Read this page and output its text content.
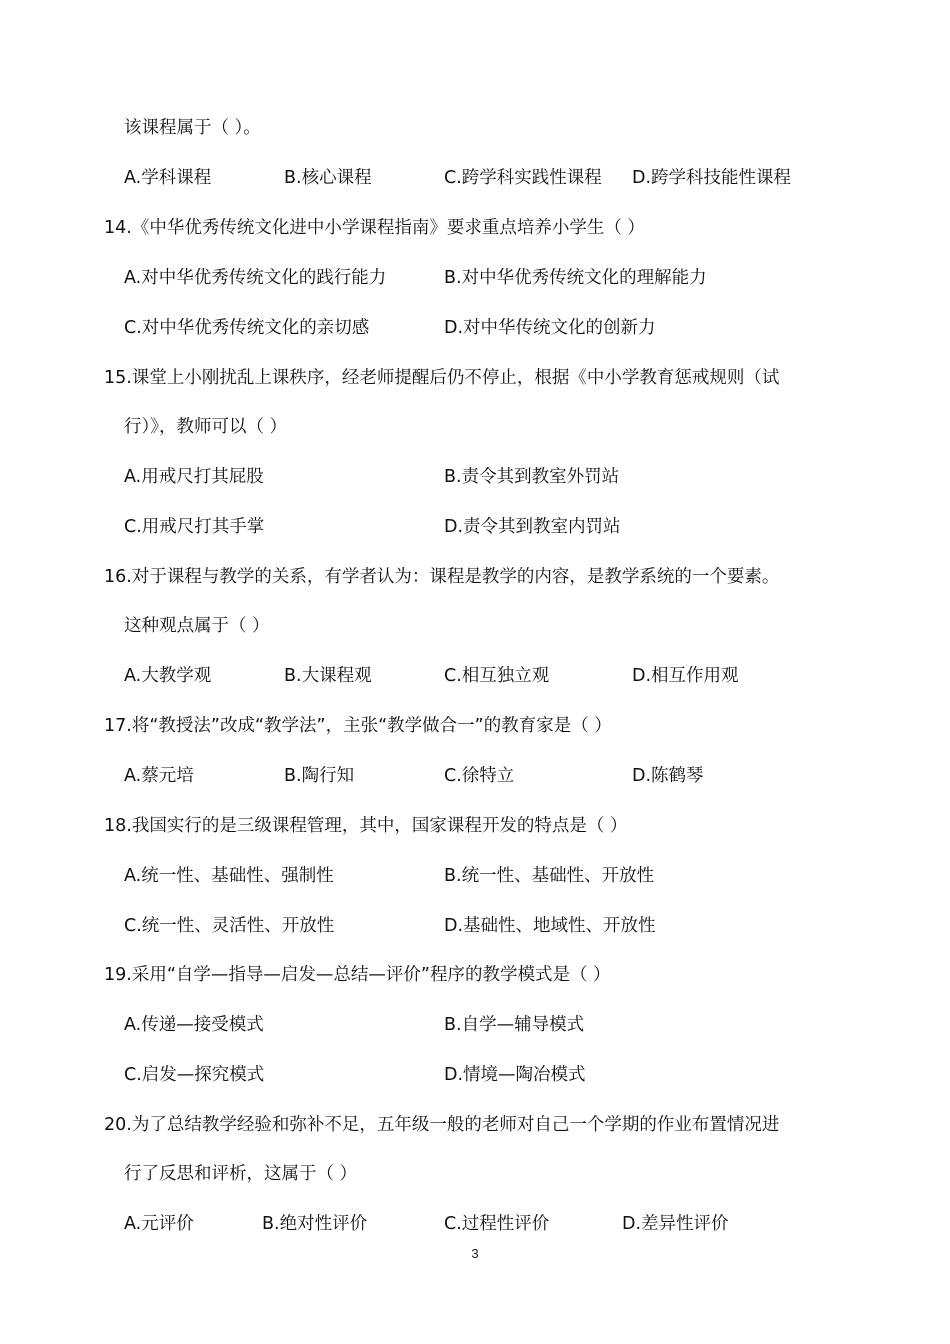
该课程属于（ ）。
A.学科课程	B.核心课程	C.跨学科实践性课程 D.跨学科技能性课程
14.《中华优秀传统文化进中小学课程指南》要求重点培养小学生（ ）
A.对中华优秀传统文化的践行能力	B.对中华优秀传统文化的理解能力
C.对中华优秀传统文化的亲切感	D.对中华传统文化的创新力
15.课堂上小刚扰乱上课秩序，经老师提醒后仍不停止，根据《中小学教育惩戒规则（试
行）》，教师可以（ ）
A.用戒尺打其屁股	B.责令其到教室外罚站
C.用戒尺打其手掌	D.责令其到教室内罚站
16.对于课程与教学的关系，有学者认为：课程是教学的内容，是教学系统的一个要素。
这种观点属于（ ）
A.大教学观	B.大课程观	C.相互独立观	D.相互作用观
17.将“教授法”改成“教学法”，主张“教学做合一”的教育家是（ ）
A.蔡元培	B.陶行知	C.徐特立	D.陈鹤琴
18.我国实行的是三级课程管理，其中，国家课程开发的特点是（ ）
A.统一性、基础性、强制性	B.统一性、基础性、开放性
C.统一性、灵活性、开放性	D.基础性、地域性、开放性
19.采用“自学—指导—启发—总结—评价”程序的教学模式是（ ）
A.传递—接受模式	B.自学—辅导模式
C.启发—探究模式	D.情境—陶冶模式
20.为了总结教学经验和弥补不足，五年级一般的老师对自己一个学期的作业布置情况进
行了反思和评析，这属于（ ）
A.元评价	B.绝对性评价	C.过程性评价	D.差异性评价
3
